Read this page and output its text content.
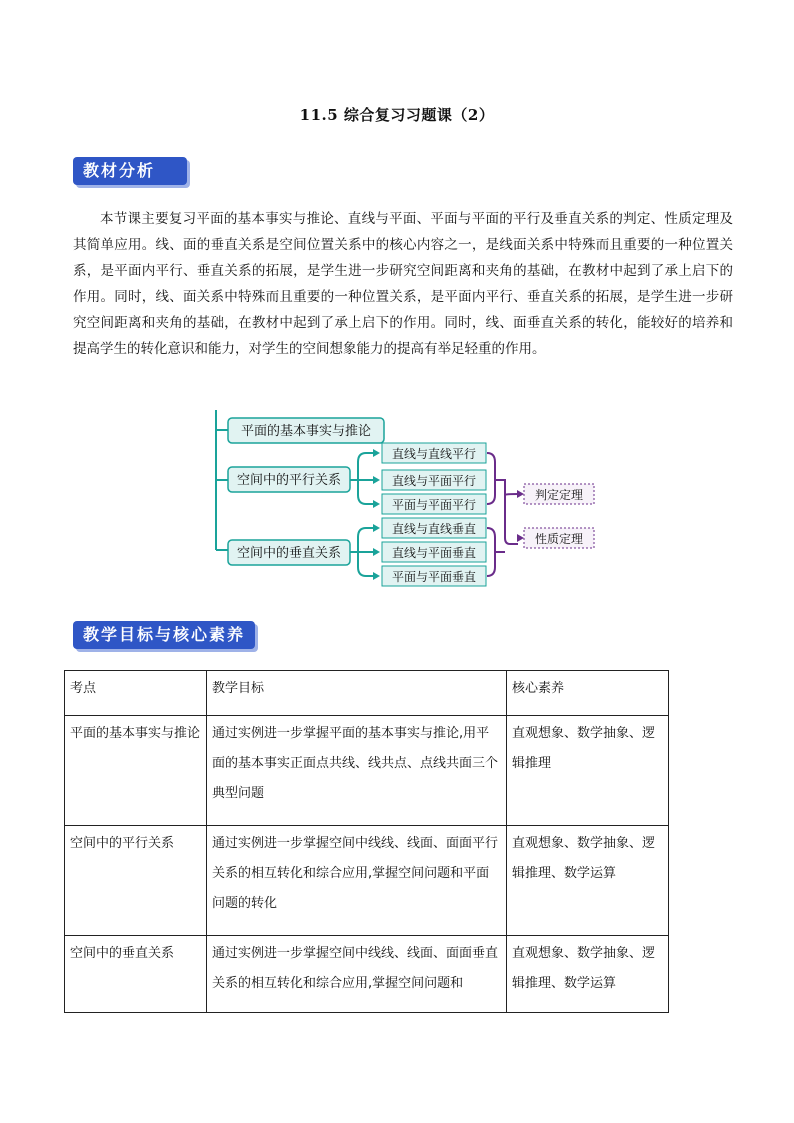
11.5 综合复习习题课（2）
教材分析
本节课主要复习平面的基本事实与推论、直线与平面、平面与平面的平行及垂直关系的判定、性质定理及其简单应用。线、面的垂直关系是空间位置关系中的核心内容之一，是线面关系中特殊而且重要的一种位置关系，是平面内平行、垂直关系的拓展，是学生进一步研究空间距离和夹角的基础，在教材中起到了承上启下的作用。同时，线、面关系中特殊而且重要的一种位置关系，是平面内平行、垂直关系的拓展，是学生进一步研究空间距离和夹角的基础，在教材中起到了承上启下的作用。同时，线、面垂直关系的转化，能较好的培养和提高学生的转化意识和能力，对学生的空间想象能力的提高有举足轻重的作用。
平面的基本事实与推论
空间中的平行关系
空间中的垂直关系
直线与直线平行
直线与平面平行
平面与平面平行
直线与直线垂直
直线与平面垂直
平面与平面垂直
判定定理
性质定理
教学目标与核心素养
考点	教学目标	核心素养
平面的基本事实与推论	通过实例进一步掌握平面的基本事实与推论,用平面的基本事实正面点共线、线共点、点线共面三个典型问题	直观想象、数学抽象、逻辑推理
空间中的平行关系	通过实例进一步掌握空间中线线、线面、面面平行关系的相互转化和综合应用,掌握空间问题和平面问题的转化	直观想象、数学抽象、逻辑推理、数学运算
空间中的垂直关系	通过实例进一步掌握空间中线线、线面、面面垂直关系的相互转化和综合应用,掌握空间问题和	直观想象、数学抽象、逻辑推理、数学运算
